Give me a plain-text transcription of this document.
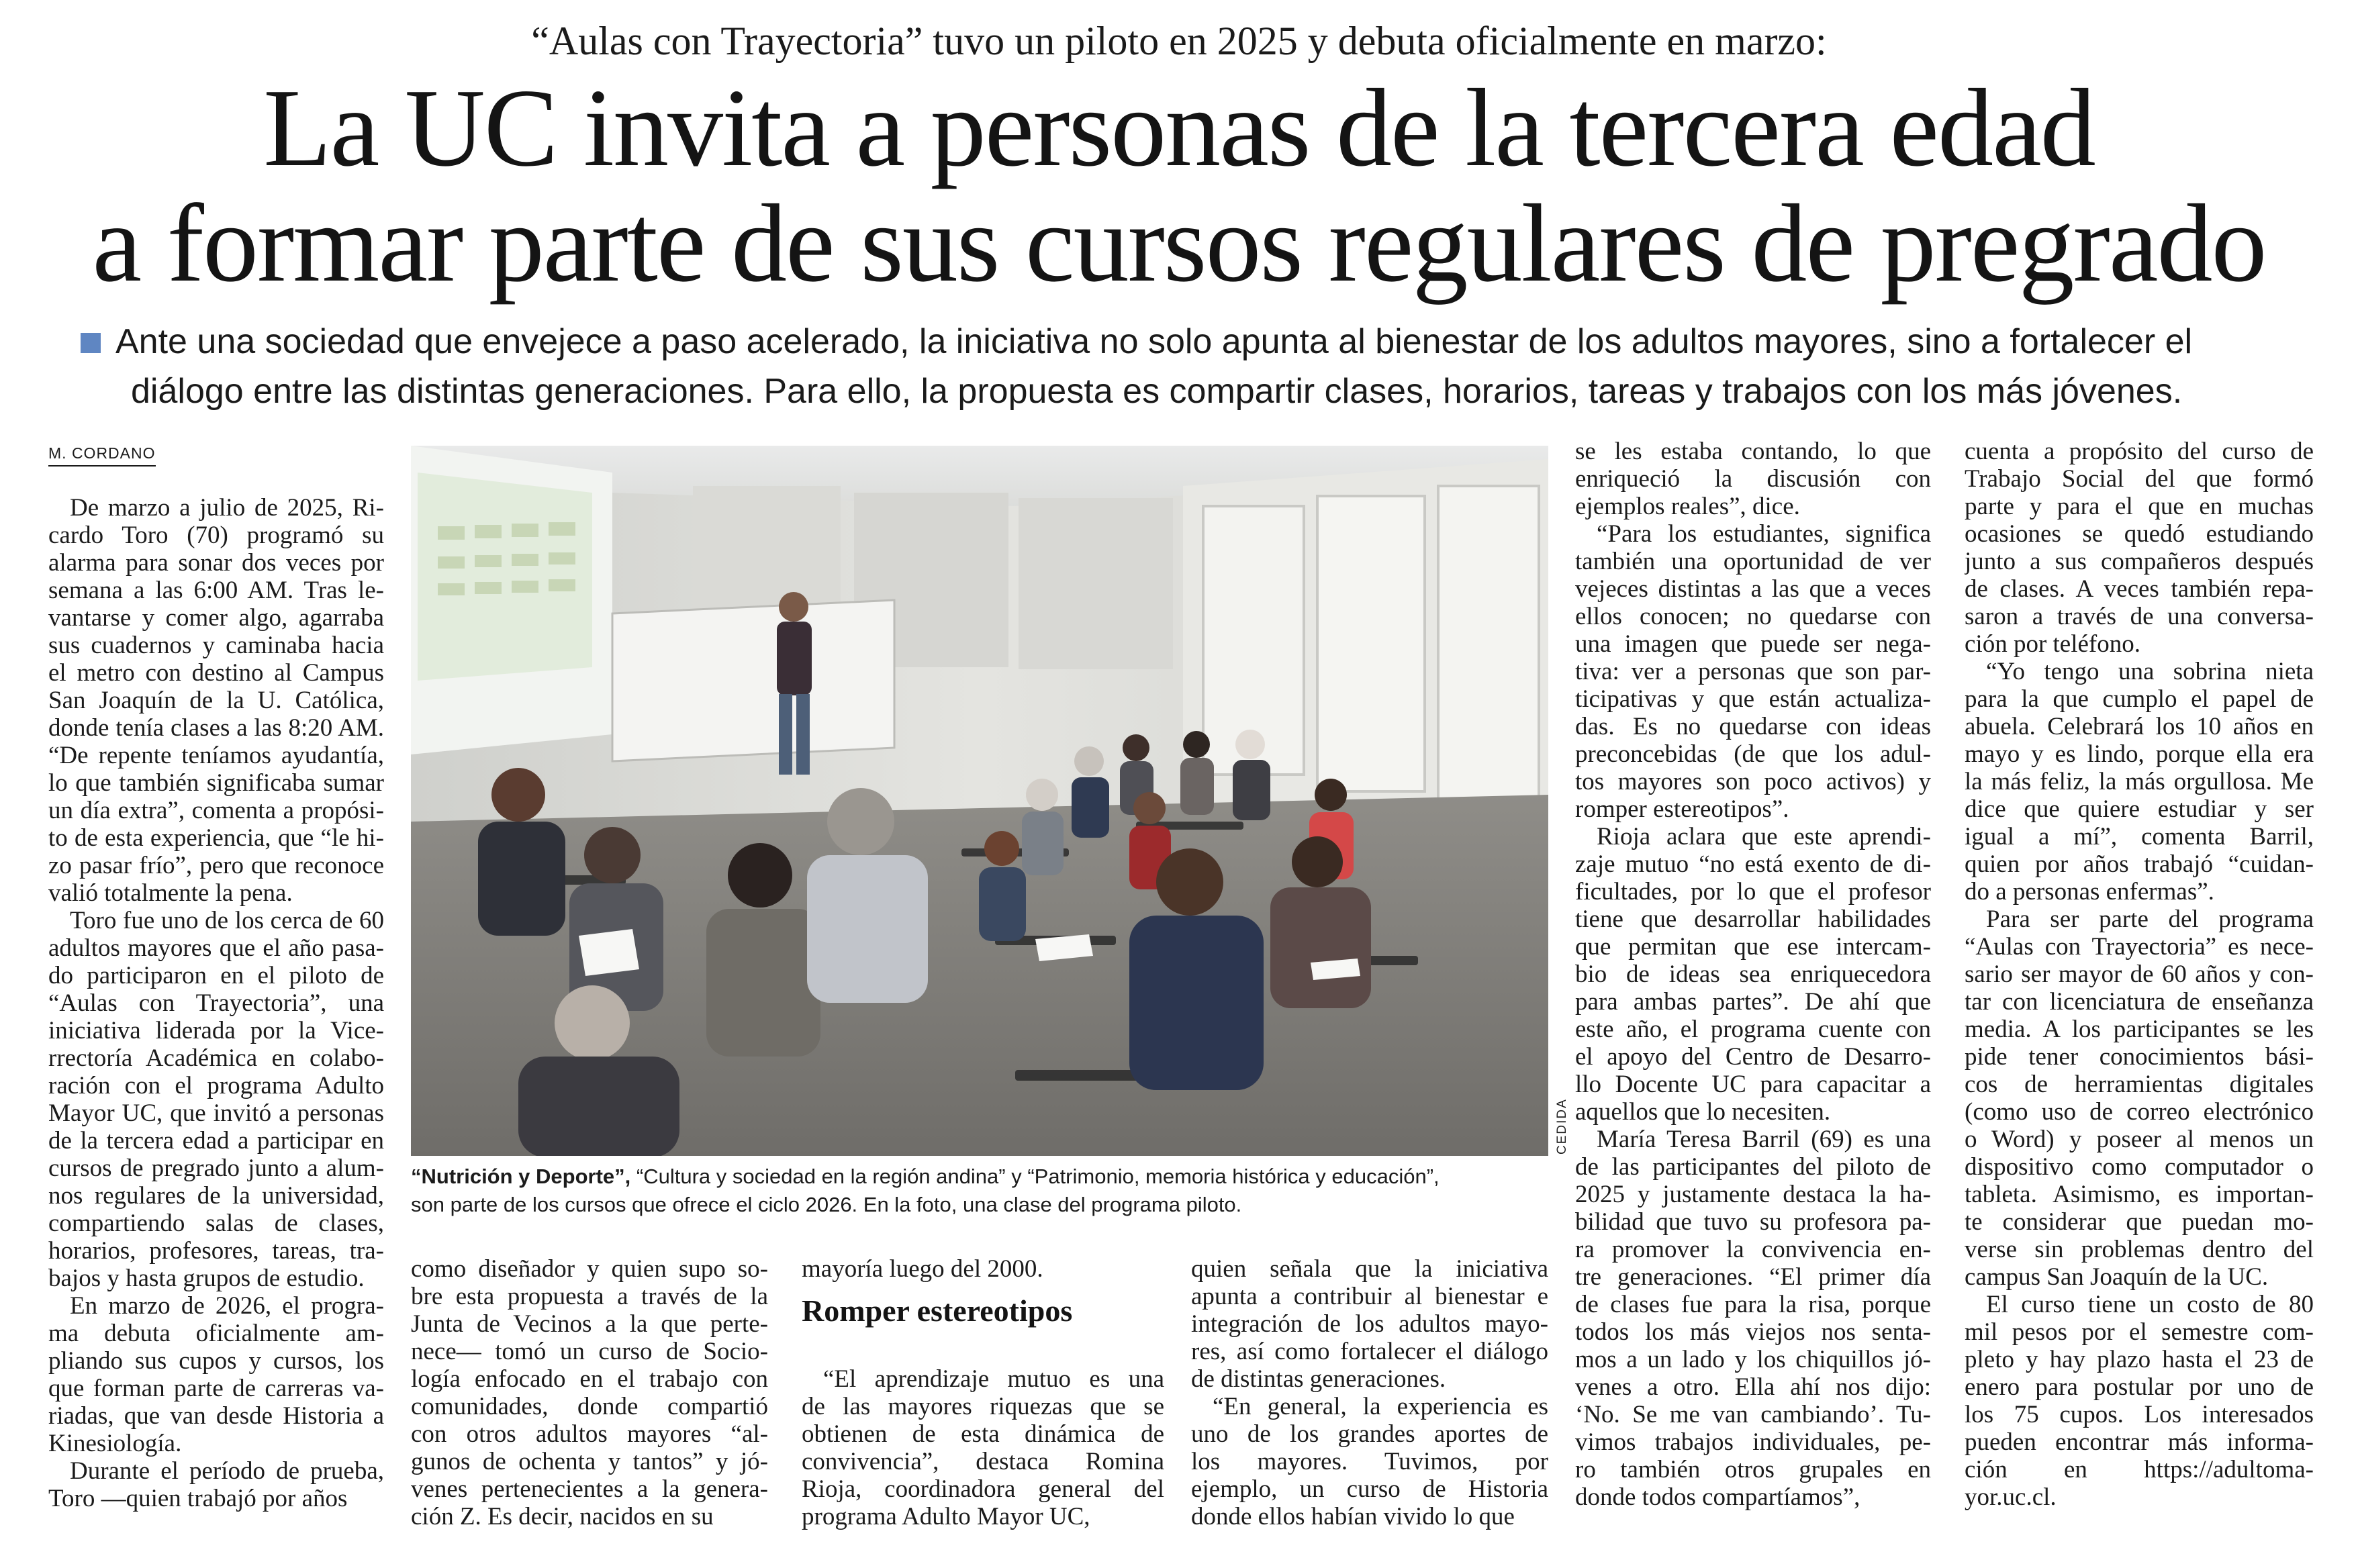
“Aulas con Trayectoria” tuvo un piloto en 2025 y debuta oficialmente en marzo:
La UC invita a personas de la tercera edad
a formar parte de sus cursos regulares de pregrado
Ante una sociedad que envejece a paso acelerado, la iniciativa no solo apunta al bienestar de los adultos mayores, sino a fortalecer el
diálogo entre las distintas generaciones. Para ello, la propuesta es compartir clases, horarios, tareas y trabajos con los más jóvenes.
M. CORDANO
De marzo a julio de 2025, Ri-
cardo Toro (70) programó su
alarma para sonar dos veces por
semana a las 6:00 AM. Tras le-
vantarse y comer algo, agarraba
sus cuadernos y caminaba hacia
el metro con destino al Campus
San Joaquín de la U. Católica,
donde tenía clases a las 8:20 AM.
“De repente teníamos ayudantía,
lo que también significaba sumar
un día extra”, comenta a propósi-
to de esta experiencia, que “le hi-
zo pasar frío”, pero que reconoce
valió totalmente la pena.
Toro fue uno de los cerca de 60
adultos mayores que el año pasa-
do participaron en el piloto de
“Aulas con Trayectoria”, una
iniciativa liderada por la Vice-
rrectoría Académica en colabo-
ración con el programa Adulto
Mayor UC, que invitó a personas
de la tercera edad a participar en
cursos de pregrado junto a alum-
nos regulares de la universidad,
compartiendo salas de clases,
horarios, profesores, tareas, tra-
bajos y hasta grupos de estudio.
En marzo de 2026, el progra-
ma debuta oficialmente am-
pliando sus cupos y cursos, los
que forman parte de carreras va-
riadas, que van desde Historia a
Kinesiología.
Durante el período de prueba,
Toro —quien trabajó por años
como diseñador y quien supo so-
bre esta propuesta a través de la
Junta de Vecinos a la que perte-
nece— tomó un curso de Socio-
logía enfocado en el trabajo con
comunidades, donde compartió
con otros adultos mayores “al-
gunos de ochenta y tantos” y jó-
venes pertenecientes a la genera-
ción Z. Es decir, nacidos en su
mayoría luego del 2000.
Romper estereotipos
“El aprendizaje mutuo es una
de las mayores riquezas que se
obtienen de esta dinámica de
convivencia”, destaca Romina
Rioja, coordinadora general del
programa Adulto Mayor UC,
quien señala que la iniciativa
apunta a contribuir al bienestar e
integración de los adultos mayo-
res, así como fortalecer el diálogo
de distintas generaciones.
“En general, la experiencia es
uno de los grandes aportes de
los mayores. Tuvimos, por
ejemplo, un curso de Historia
donde ellos habían vivido lo que
se les estaba contando, lo que
enriqueció la discusión con
ejemplos reales”, dice.
“Para los estudiantes, significa
también una oportunidad de ver
vejeces distintas a las que a veces
ellos conocen; no quedarse con
una imagen que puede ser nega-
tiva: ver a personas que son par-
ticipativas y que están actualiza-
das. Es no quedarse con ideas
preconcebidas (de que los adul-
tos mayores son poco activos) y
romper estereotipos”.
Rioja aclara que este aprendi-
zaje mutuo “no está exento de di-
ficultades, por lo que el profesor
tiene que desarrollar habilidades
que permitan que ese intercam-
bio de ideas sea enriquecedora
para ambas partes”. De ahí que
este año, el programa cuente con
el apoyo del Centro de Desarro-
llo Docente UC para capacitar a
aquellos que lo necesiten.
María Teresa Barril (69) es una
de las participantes del piloto de
2025 y justamente destaca la ha-
bilidad que tuvo su profesora pa-
ra promover la convivencia en-
tre generaciones. “El primer día
de clases fue para la risa, porque
todos los más viejos nos senta-
mos a un lado y los chiquillos jó-
venes a otro. Ella ahí nos dijo:
‘No. Se me van cambiando’. Tu-
vimos trabajos individuales, pe-
ro también otros grupales en
donde todos compartíamos”,
cuenta a propósito del curso de
Trabajo Social del que formó
parte y para el que en muchas
ocasiones se quedó estudiando
junto a sus compañeros después
de clases. A veces también repa-
saron a través de una conversa-
ción por teléfono.
“Yo tengo una sobrina nieta
para la que cumplo el papel de
abuela. Celebrará los 10 años en
mayo y es lindo, porque ella era
la más feliz, la más orgullosa. Me
dice que quiere estudiar y ser
igual a mí”, comenta Barril,
quien por años trabajó “cuidan-
do a personas enfermas”.
Para ser parte del programa
“Aulas con Trayectoria” es nece-
sario ser mayor de 60 años y con-
tar con licenciatura de enseñanza
media. A los participantes se les
pide tener conocimientos bási-
cos de herramientas digitales
(como uso de correo electrónico
o Word) y poseer al menos un
dispositivo como computador o
tableta. Asimismo, es importan-
te considerar que puedan mo-
verse sin problemas dentro del
campus San Joaquín de la UC.
El curso tiene un costo de 80
mil pesos por el semestre com-
pleto y hay plazo hasta el 23 de
enero para postular por uno de
los 75 cupos. Los interesados
pueden encontrar más informa-
ción en https://adultoma-
yor.uc.cl.
CEDIDA
“Nutrición y Deporte”, “Cultura y sociedad en la región andina” y “Patrimonio, memoria histórica y educación”,
son parte de los cursos que ofrece el ciclo 2026. En la foto, una clase del programa piloto.
